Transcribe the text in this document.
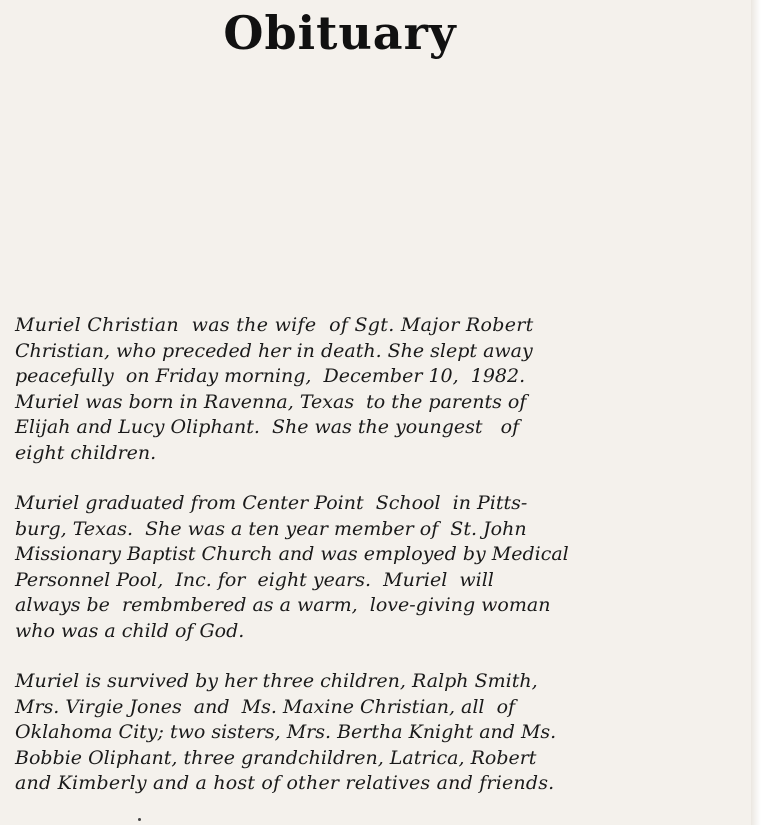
Obituary

Muriel Christian  was the wife  of Sgt. Major Robert
Christian, who preceded her in death. She slept away
peacefully  on Friday morning,  December 10,  1982.
Muriel was born in Ravenna, Texas  to the parents of
Elijah and Lucy Oliphant.  She was the youngest   of
eight children.

Muriel graduated from Center Point  School  in Pitts-
burg, Texas.  She was a ten year member of  St. John
Missionary Baptist Church and was employed by Medical
Personnel Pool,  Inc. for  eight years.  Muriel  will
always be  rembmbered as a warm,  love-giving woman
who was a child of God.

Muriel is survived by her three children, Ralph Smith,
Mrs. Virgie Jones  and  Ms. Maxine Christian, all  of
Oklahoma City; two sisters, Mrs. Bertha Knight and Ms.
Bobbie Oliphant, three grandchildren, Latrica, Robert
and Kimberly and a host of other relatives and friends.
